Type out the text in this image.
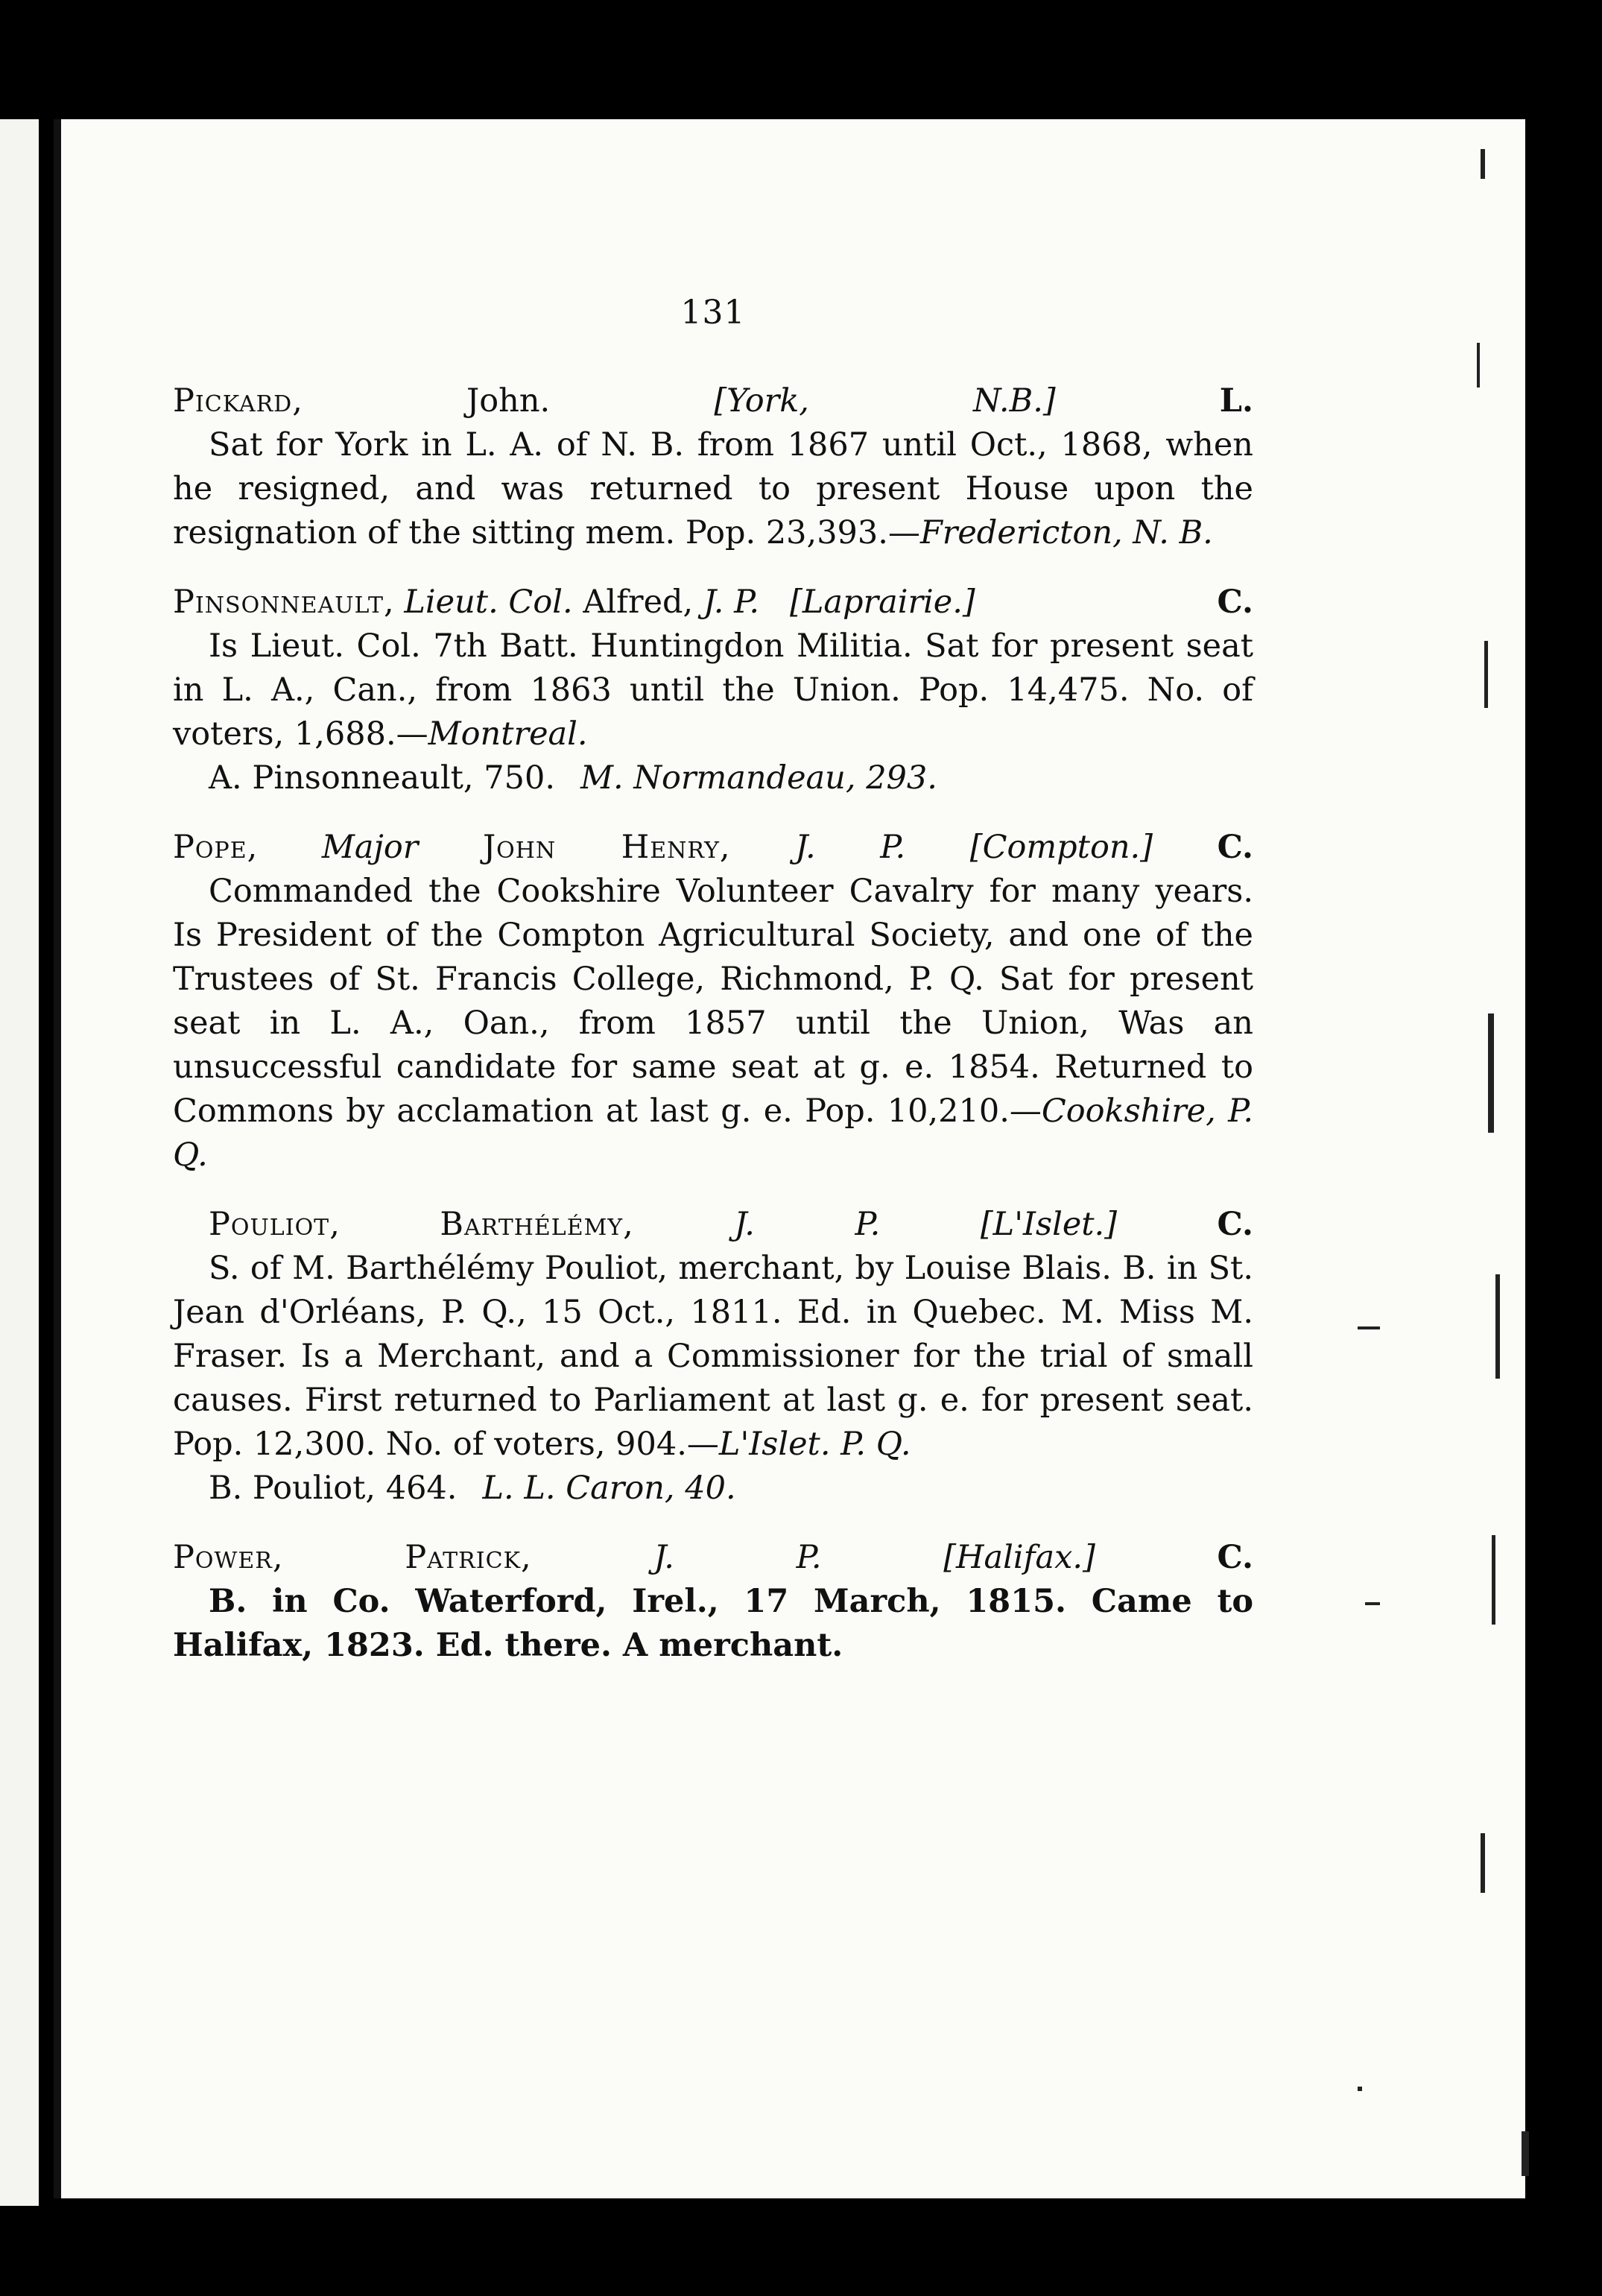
131
Pickard, John.	[York, N.B.]	L.
Sat for York in L. A. of N. B. from 1867 until Oct., 1868, when he resigned, and was returned to present House upon the resignation of the sitting mem. Pop. 23,393.—Fredericton, N. B.
Pinsonneault, Lieut. Col. Alfred, J. P. [Laprairie.]	C.
Is Lieut. Col. 7th Batt. Huntingdon Militia. Sat for present seat in L. A., Can., from 1863 until the Union. Pop. 14,475. No. of voters, 1,688.—Montreal.
A. Pinsonneault, 750. M. Normandeau, 293.
Pope, Major John Henry, J. P. [Compton.] C.
Commanded the Cookshire Volunteer Cavalry for many years. Is President of the Compton Agricultural Society, and one of the Trustees of St. Francis College, Richmond, P. Q. Sat for present seat in L. A., Oan., from 1857 until the Union, Was an unsuccessful candidate for same seat at g. e. 1854. Returned to Commons by acclamation at last g. e. Pop. 10,210.—Cookshire, P. Q.
Pouliot, Barthélémy,	J. P.	[L'Islet.]	C.
S. of M. Barthélémy Pouliot, merchant, by Louise Blais. B. in St. Jean d'Orléans, P. Q., 15 Oct., 1811. Ed. in Quebec. M. Miss M. Fraser. Is a Merchant, and a Commissioner for the trial of small causes. First returned to Parliament at last g. e. for present seat. Pop. 12,300. No. of voters, 904.—L'Islet. P. Q.
B. Pouliot, 464. L. L. Caron, 40.
Power, Patrick,	J. P.	[Halifax.]	C.
B. in Co. Waterford, Irel., 17 March, 1815. Came to Halifax, 1823. Ed. there. A merchant.
